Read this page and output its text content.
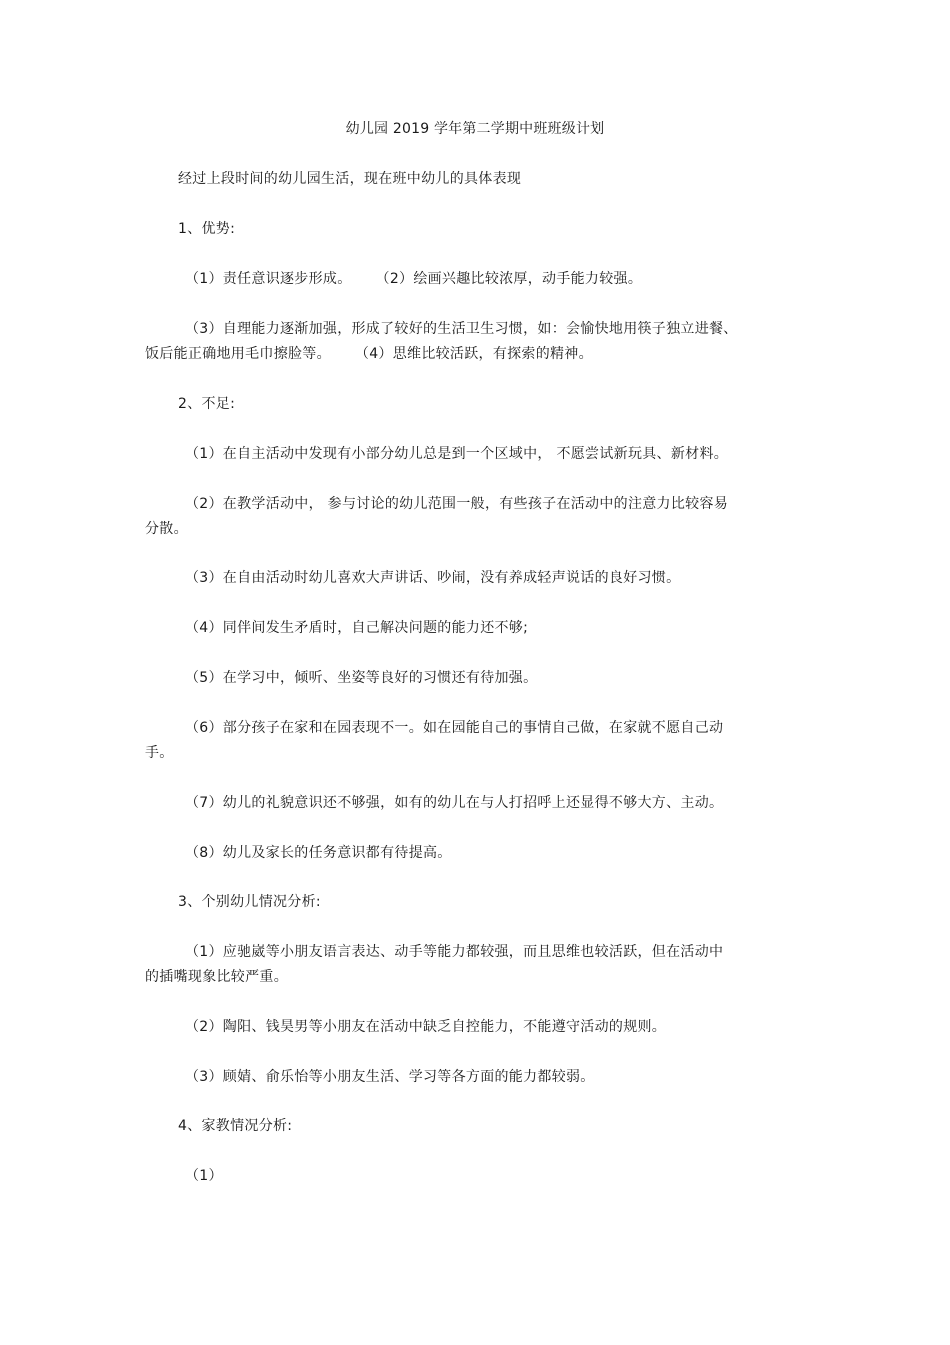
幼儿园 2019 学年第二学期中班班级计划
经过上段时间的幼儿园生活，现在班中幼儿的具体表现
1、优势:
（1）责任意识逐步形成。 （2）绘画兴趣比较浓厚，动手能力较强。
（3）自理能力逐渐加强，形成了较好的生活卫生习惯，如：会愉快地用筷子独立进餐、
饭后能正确地用毛巾擦脸等。 （4）思维比较活跃，有探索的精神。
2、不足:
（1）在自主活动中发现有小部分幼儿总是到一个区域中， 不愿尝试新玩具、新材料。
（2）在教学活动中， 参与讨论的幼儿范围一般，有些孩子在活动中的注意力比较容易
分散。
（3）在自由活动时幼儿喜欢大声讲话、吵闹，没有养成轻声说话的良好习惯。
（4）同伴间发生矛盾时，自己解决问题的能力还不够;
（5）在学习中，倾听、坐姿等良好的习惯还有待加强。
（6）部分孩子在家和在园表现不一。如在园能自己的事情自己做，在家就不愿自己动
手。
（7）幼儿的礼貌意识还不够强，如有的幼儿在与人打招呼上还显得不够大方、主动。
（8）幼儿及家长的任务意识都有待提高。
3、个别幼儿情况分析:
（1）应驰崴等小朋友语言表达、动手等能力都较强，而且思维也较活跃，但在活动中
的插嘴现象比较严重。
（2）陶阳、钱昊男等小朋友在活动中缺乏自控能力，不能遵守活动的规则。
（3）顾婧、俞乐怡等小朋友生活、学习等各方面的能力都较弱。
4、家教情况分析:
（1）
